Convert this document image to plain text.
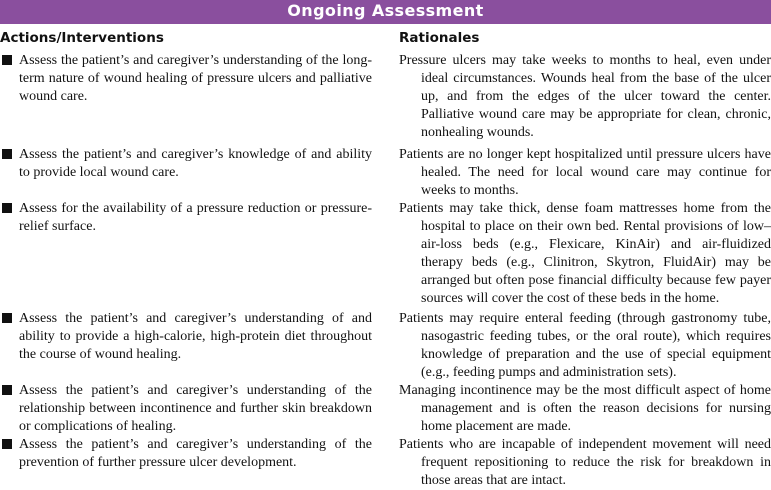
Ongoing Assessment
Actions/Interventions	Rationales
Assess the patient’s and caregiver’s understanding of the long-term nature of wound healing of pressure ulcers and palliative wound care.
Pressure ulcers may take weeks to months to heal, even under ideal circumstances. Wounds heal from the base of the ulcer up, and from the edges of the ulcer toward the center. Palliative wound care may be appropriate for clean, chronic, nonhealing wounds.
Assess the patient’s and caregiver’s knowledge of and ability to provide local wound care.
Patients are no longer kept hospitalized until pressure ulcers have healed. The need for local wound care may continue for weeks to months.
Assess for the availability of a pressure reduction or pressure-relief surface.
Patients may take thick, dense foam mattresses home from the hospital to place on their own bed. Rental provisions of low–air-loss beds (e.g., Flexicare, KinAir) and air-fluidized therapy beds (e.g., Clinitron, Skytron, FluidAir) may be arranged but often pose financial difficulty because few payer sources will cover the cost of these beds in the home.
Assess the patient’s and caregiver’s understanding of and ability to provide a high-calorie, high-protein diet throughout the course of wound healing.
Patients may require enteral feeding (through gastronomy tube, nasogastric feeding tubes, or the oral route), which requires knowledge of preparation and the use of special equipment (e.g., feeding pumps and administration sets).
Assess the patient’s and caregiver’s understanding of the relationship between incontinence and further skin breakdown or complications of healing.
Managing incontinence may be the most difficult aspect of home management and is often the reason decisions for nursing home placement are made.
Assess the patient’s and caregiver’s understanding of the prevention of further pressure ulcer development.
Patients who are incapable of independent movement will need frequent repositioning to reduce the risk for breakdown in those areas that are intact.
